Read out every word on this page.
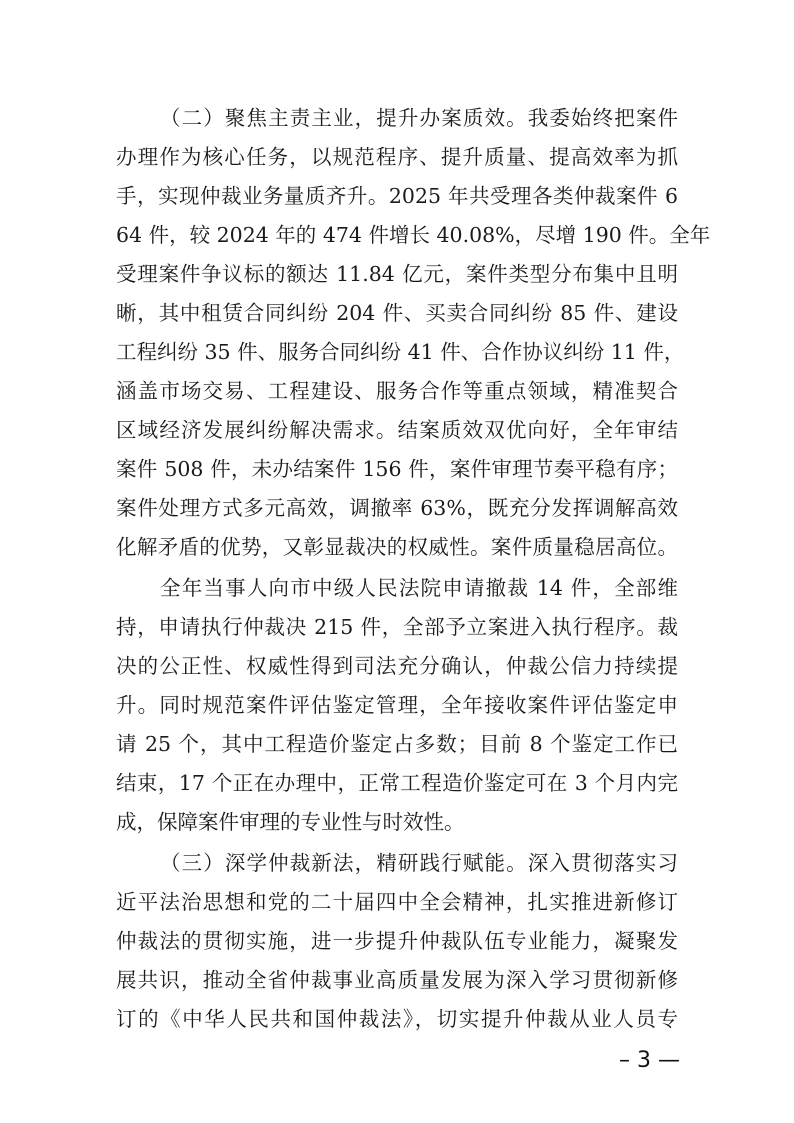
（二）聚焦主责主业，提升办案质效。我委始终把案件
办理作为核心任务，以规范程序、提升质量、提高效率为抓
手，实现仲裁业务量质齐升。2025 年共受理各类仲裁案件 6
64 件，较 2024 年的 474 件增长 40.08%，尽增 190 件。全年
受理案件争议标的额达 11.84 亿元，案件类型分布集中且明
晰，其中租赁合同纠纷 204 件、买卖合同纠纷 85 件、建设
工程纠纷 35 件、服务合同纠纷 41 件、合作协议纠纷 11 件，
涵盖市场交易、工程建设、服务合作等重点领域，精准契合
区域经济发展纠纷解决需求。结案质效双优向好，全年审结
案件 508 件，未办结案件 156 件，案件审理节奏平稳有序；
案件处理方式多元高效，调撤率 63%，既充分发挥调解高效
化解矛盾的优势，又彰显裁决的权威性。案件质量稳居高位。
全年当事人向市中级人民法院申请撤裁 14 件，全部维
持，申请执行仲裁决 215 件，全部予立案进入执行程序。裁
决的公正性、权威性得到司法充分确认，仲裁公信力持续提
升。同时规范案件评估鉴定管理，全年接收案件评估鉴定申
请 25 个，其中工程造价鉴定占多数；目前 8 个鉴定工作已
结束，17 个正在办理中，正常工程造价鉴定可在 3 个月内完
成，保障案件审理的专业性与时效性。
（三）深学仲裁新法，精研践行赋能。深入贯彻落实习
近平法治思想和党的二十届四中全会精神，扎实推进新修订
仲裁法的贯彻实施，进一步提升仲裁队伍专业能力，凝聚发
展共识，推动全省仲裁事业高质量发展为深入学习贯彻新修
订的《中华人民共和国仲裁法》，切实提升仲裁从业人员专
– 3 —
